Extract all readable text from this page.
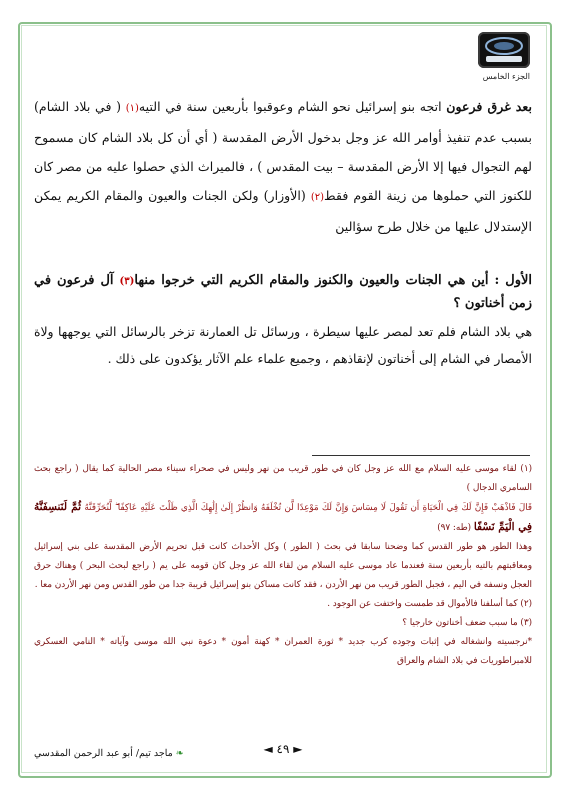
الجزء الخامس
بعد غرق فرعون اتجه بنو إسرائيل نحو الشام وعوقبوا بأربعين سنة في التيه(١) ( في بلاد الشام) بسبب عدم تنفيذ أوامر الله عز وجل بدخول الأرض المقدسة ( أي أن كل بلاد الشام كان مسموح لهم التجوال فيها إلا الأرض المقدسة – بيت المقدس ) ، فالميراث الذي حصلوا عليه من مصر كان للكنوز التي حملوها من زينة القوم فقط(٢) (الأوزار) ولكن الجنات والعيون والمقام الكريم يمكن الإستدلال عليها من خلال طرح سؤالين
الأول : أين هي الجنات والعيون والكنوز والمقام الكريم التي خرجوا منها(٣) آل فرعون في زمن أخناتون ؟
هي بلاد الشام فلم تعد لمصر عليها سيطرة ، ورسائل تل العمارنة تزخر بالرسائل التي يوجهها ولاة الأمصار في الشام إلى أخناتون لإنقاذهم ، وجميع علماء علم الآثار يؤكدون على ذلك .

(١) لقاء موسى عليه السلام مع الله عز وجل كان في طور قريب من نهر وليس في صحراء سيناء مصر الحالية كما يقال ( راجع بحث السامري الدجال )

قَالَ فَاذْهَبْ فَإِنَّ لَكَ فِي الْحَيَاةِ أَن تَقُولَ لَا مِسَاسَ وَإِنَّ لَكَ مَوْعِدًا لَّن تُخْلَفَهُ وَانظُرْ إِلَىٰ إِلَٰهِكَ الَّذِي ظَلْتَ عَلَيْهِ عَاكِفًا ۖ لَّنُحَرِّقَنَّهُ ثُمَّ لَنَنسِفَنَّهُ فِي الْيَمِّ نَسْفًا (طه: ٩٧)

وهذا الطور هو طور القدس كما وضحنا سابقا في بحث ( الطور ) وكل الأحداث كانت قبل تحريم الأرض المقدسة على بني إسرائيل ومعاقبتهم بالتيه بأربعين سنة فعندما عاد موسى عليه السلام من لقاء الله عز وجل كان قومه على يم ( راجع لبحث البحر ) وهناك حرق العجل ونسفه في اليم ، فجبل الطور قريب من نهر الأردن ، فقد كانت مساكن بنو إسرائيل قريبة جدا من طور القدس ومن نهر الأردن معا .

(٢) كما أسلفنا فالأموال قد طمست واختفت عن الوجود .

(٣) ما سبب ضعف أخناتون خارجيا ؟

*نرجسيته وانشغاله في إثبات وجوده كرب جديد * ثورة العمران * كهنة أمون * دعوة نبي الله موسى وآياته * النامي العسكري للامبراطوريات في بلاد الشام والعراق

◄ ٤٩ ►
❧ ماجد تيم/ أبو عبد الرحمن المقدسي
